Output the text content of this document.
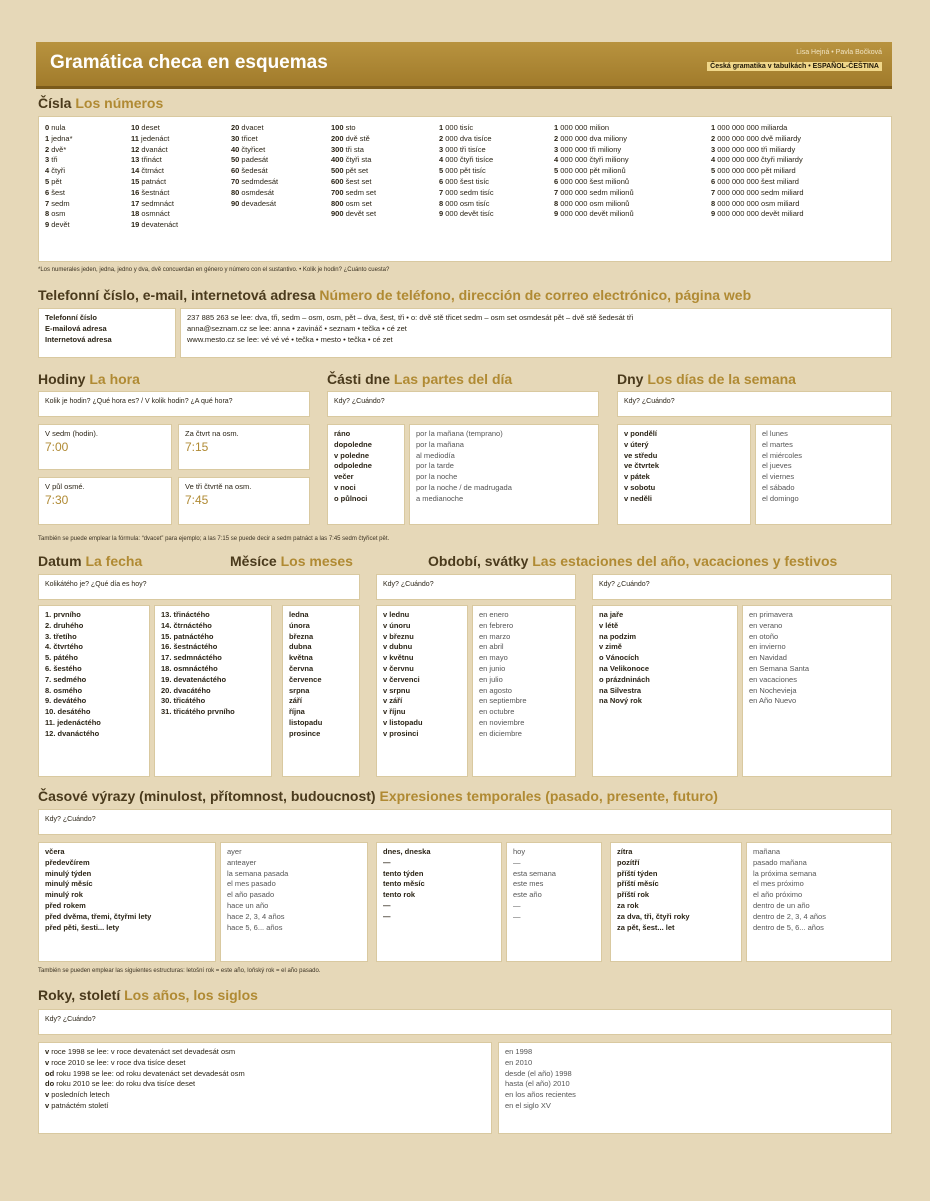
Gramática checa en esquemas	Lisa Hejná • Pavla Bočková
Česká gramatika v tabulkách • ESPAÑOL-ČEŠTINA
Čísla Los números
0 nula
1 jedna*
2 dvě*
3 tři
4 čtyři
5 pět
6 šest
7 sedm
8 osm
9 devět
10 deset
11 jedenáct
12 dvanáct
13 třináct
14 čtrnáct
15 patnáct
16 šestnáct
17 sedmnáct
18 osmnáct
19 devatenáct
20 dvacet
30 třicet
40 čtyřicet
50 padesát
60 šedesát
70 sedmdesát
80 osmdesát
90 devadesát
100 sto
200 dvě stě
300 tři sta
400 čtyři sta
500 pět set
600 šest set
700 sedm set
800 osm set
900 devět set
1 000 tisíc
2 000 dva tisíce
3 000 tři tisíce
4 000 čtyři tisíce
5 000 pět tisíc
6 000 šest tisíc
7 000 sedm tisíc
8 000 osm tisíc
9 000 devět tisíc
1 000 000 milion
2 000 000 dva miliony
3 000 000 tři miliony
4 000 000 čtyři miliony
5 000 000 pět milionů
6 000 000 šest milionů
7 000 000 sedm milionů
8 000 000 osm milionů
9 000 000 devět milionů
1 000 000 000 miliarda
2 000 000 000 dvě miliardy
3 000 000 000 tři miliardy
4 000 000 000 čtyři miliardy
5 000 000 000 pět miliard
6 000 000 000 šest miliard
7 000 000 000 sedm miliard
8 000 000 000 osm miliard
9 000 000 000 devět miliard
*Los numerales jeden, jedna, jedno y dva, dvě concuerdan en género y número con el sustantivo. • Kolik je hodin? ¿Cuánto cuesta?
Telefonní číslo, e-mail, internetová adresa Número de teléfono, dirección de correo electrónico, página web
Telefonní číslo
E-mailová adresa
Internetová adresa
237 885 263 se lee: dva, tři, sedm – osm, osm, pět – dva, šest, tři • o: dvě stě třicet sedm – osm set osmdesát pět – dvě stě šedesát tři
anna@seznam.cz se lee: anna • zavináč • seznam • tečka • cé zet
www.mesto.cz se lee: vé vé vé • tečka • mesto • tečka • cé zet
Hodiny La hora
Kolik je hodin? ¿Qué hora es? / V kolik hodin? ¿A qué hora?
V sedm (hodin).
7:00
Za čtvrt na osm.
7:15
V půl osmé.
7:30
Ve tři čtvrtě na osm.
7:45
Části dne Las partes del día
Kdy? ¿Cuándo?
ráno
dopoledne
v poledne
odpoledne
večer
v noci
o půlnoci
por la mañana (temprano)
por la mañana
al mediodía
por la tarde
por la noche
por la noche / de madrugada
a medianoche
Dny Los días de la semana
Kdy? ¿Cuándo?
v pondělí
v úterý
ve středu
ve čtvrtek
v pátek
v sobotu
v neděli
el lunes
el martes
el miércoles
el jueves
el viernes
el sábado
el domingo
También se puede emplear la fórmula: “dvacet” para ejemplo; a las 7:15 se puede decir a sedm patnáct a las 7:45 sedm čtyřicet pět.
Datum La fecha	Měsíce Los meses
Kolikátého je? ¿Qué día es hoy?
1. prvního
2. druhého
3. třetího
4. čtvrtého
5. pátého
6. šestého
7. sedmého
8. osmého
9. devátého
10. desátého
11. jedenáctého
12. dvanáctého
13. třináctého
14. čtrnáctého
15. patnáctého
16. šestnáctého
17. sedmnáctého
18. osmnáctého
19. devatenáctého
20. dvacátého
30. třicátého
31. třicátého prvního
ledna
února
března
dubna
května
června
července
srpna
září
října
listopadu
prosince
Období, svátky Las estaciones del año, vacaciones y festivos
Kdy? ¿Cuándo?
v lednu
v únoru
v březnu
v dubnu
v květnu
v červnu
v červenci
v srpnu
v září
v říjnu
v listopadu
v prosinci
en enero
en febrero
en marzo
en abril
en mayo
en junio
en julio
en agosto
en septiembre
en octubre
en noviembre
en diciembre
Kdy? ¿Cuándo?
na jaře
v létě
na podzim
v zimě
o Vánocích
na Velikonoce
o prázdninách
na Silvestra
na Nový rok
en primavera
en verano
en otoño
en invierno
en Navidad
en Semana Santa
en vacaciones
en Nochevieja
en Año Nuevo
Časové výrazy (minulost, přítomnost, budoucnost) Expresiones temporales (pasado, presente, futuro)
Kdy? ¿Cuándo?
včera
předevčírem
minulý týden
minulý měsíc
minulý rok
před rokem
před dvěma, třemi, čtyřmi lety
před pěti, šesti... lety
ayer
anteayer
la semana pasada
el mes pasado
el año pasado
hace un año
hace 2, 3, 4 años
hace 5, 6... años
dnes, dneska
—
tento týden
tento měsíc
tento rok
—
—
hoy
—
esta semana
este mes
este año
—
—
zítra
pozítří
příští týden
příští měsíc
příští rok
za rok
za dva, tři, čtyři roky
za pět, šest... let
mañana
pasado mañana
la próxima semana
el mes próximo
el año próximo
dentro de un año
dentro de 2, 3, 4 años
dentro de 5, 6... años
También se pueden emplear las siguientes estructuras: letošní rok = este año, loňský rok = el año pasado.
Roky, století Los años, los siglos
Kdy? ¿Cuándo?
v roce 1998 se lee: v roce devatenáct set devadesát osm
v roce 2010 se lee: v roce dva tisíce deset
od roku 1998 se lee: od roku devatenáct set devadesát osm
do roku 2010 se lee: do roku dva tisíce deset
v posledních letech
v patnáctém století
en 1998
en 2010
desde (el año) 1998
hasta (el año) 2010
en los años recientes
en el siglo XV
